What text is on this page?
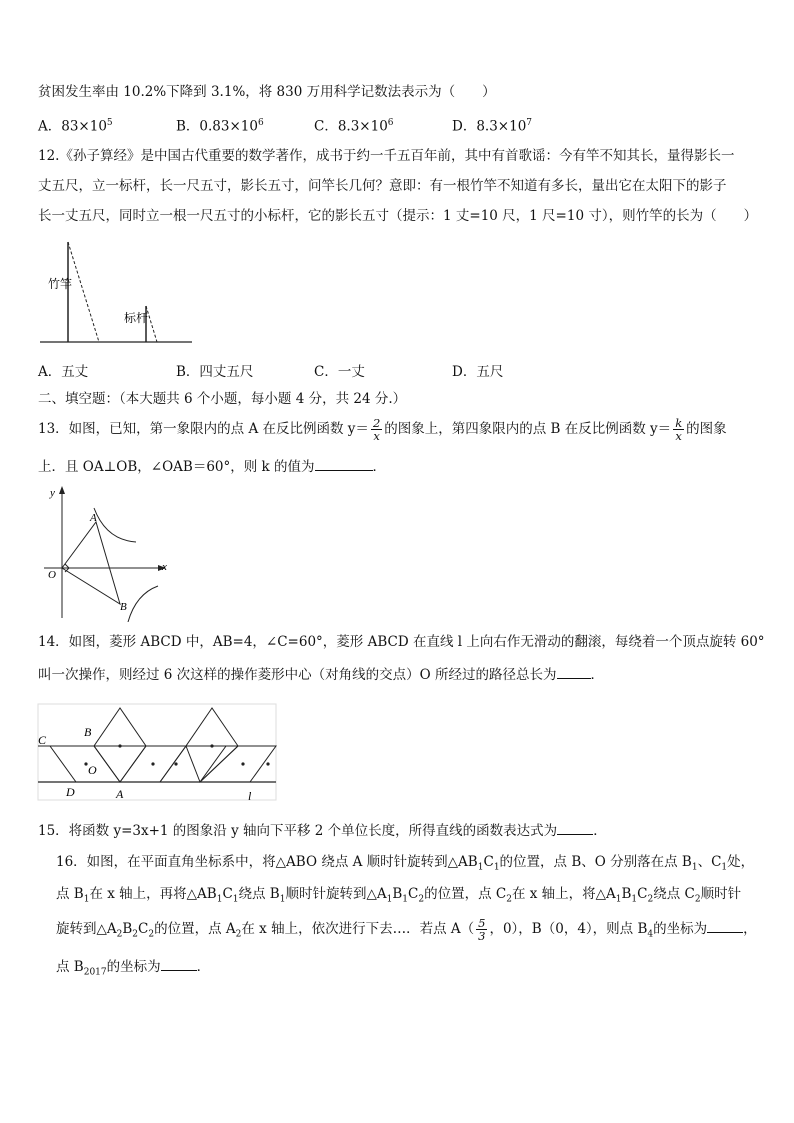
贫困发生率由 10.2%下降到 3.1%，将 830 万用科学记数法表示为（　　）
A．$83\times 10^5$	B．$0.83\times 10^6$	C．$8.3\times 10^6$	D．$8.3\times 10^7$
12.《孙子算经》是中国古代重要的数学著作，成书于约一千五百年前，其中有首歌谣：今有竿不知其长，量得影长一
丈五尺，立一标杆，长一尺五寸，影长五寸，问竿长几何？意即：有一根竹竿不知道有多长，量出它在太阳下的影子
长一丈五尺，同时立一根一尺五寸的小标杆，它的影长五寸（提示：1 丈=10 尺，1 尺=10 寸），则竹竿的长为（　　）
竹竿
标杆
A．五丈	B．四丈五尺	C．一丈	D．五尺
二、填空题：（本大题共 6 个小题，每小题 4 分，共 24 分.）
13．如图，已知，第一象限内的点 A 在反比例函数 $y= \frac{2}{x}$ 的图象上，第四象限内的点 B 在反比例函数 $y= \frac{k}{x}$ 的图象
上．且 OA⊥OB，∠OAB＝60°，则 k 的值为	．
y
x
O
A
B
14．如图，菱形 ABCD 中，AB=4，∠C=60°，菱形 ABCD 在直线 l 上向右作无滑动的翻滚，每绕着一个顶点旋转 60°
叫一次操作，则经过 6 次这样的操作菱形中心（对角线的交点）O 所经过的路径总长为	．
C
B
O
D	A	l
15．将函数 y=3x+1 的图象沿 y 轴向下平移 2 个单位长度，所得直线的函数表达式为	．
16．如图，在平面直角坐标系中，将△ABO 绕点 A 顺时针旋转到$\triangle AB_1C_1$的位置，点 B、O 分别落在点 $B_1$、$C_1$处，
点 $B_1$在 x 轴上，再将$\triangle AB_1C_1$绕点 $B_1$顺时针旋转到$\triangle A_1B_1C_2$的位置，点 $C_2$在 x 轴上，将$\triangle A_1B_1C_2$绕点 $C_2$顺时针
旋转到$\triangle A_2B_2C_2$的位置，点 $A_2$在 x 轴上，依次进行下去…．若点 $A( \frac{5}{3}$ ，0），B（0，4），则点 $B_4$的坐标为	，
点 $B_{2017}$的坐标为	．
